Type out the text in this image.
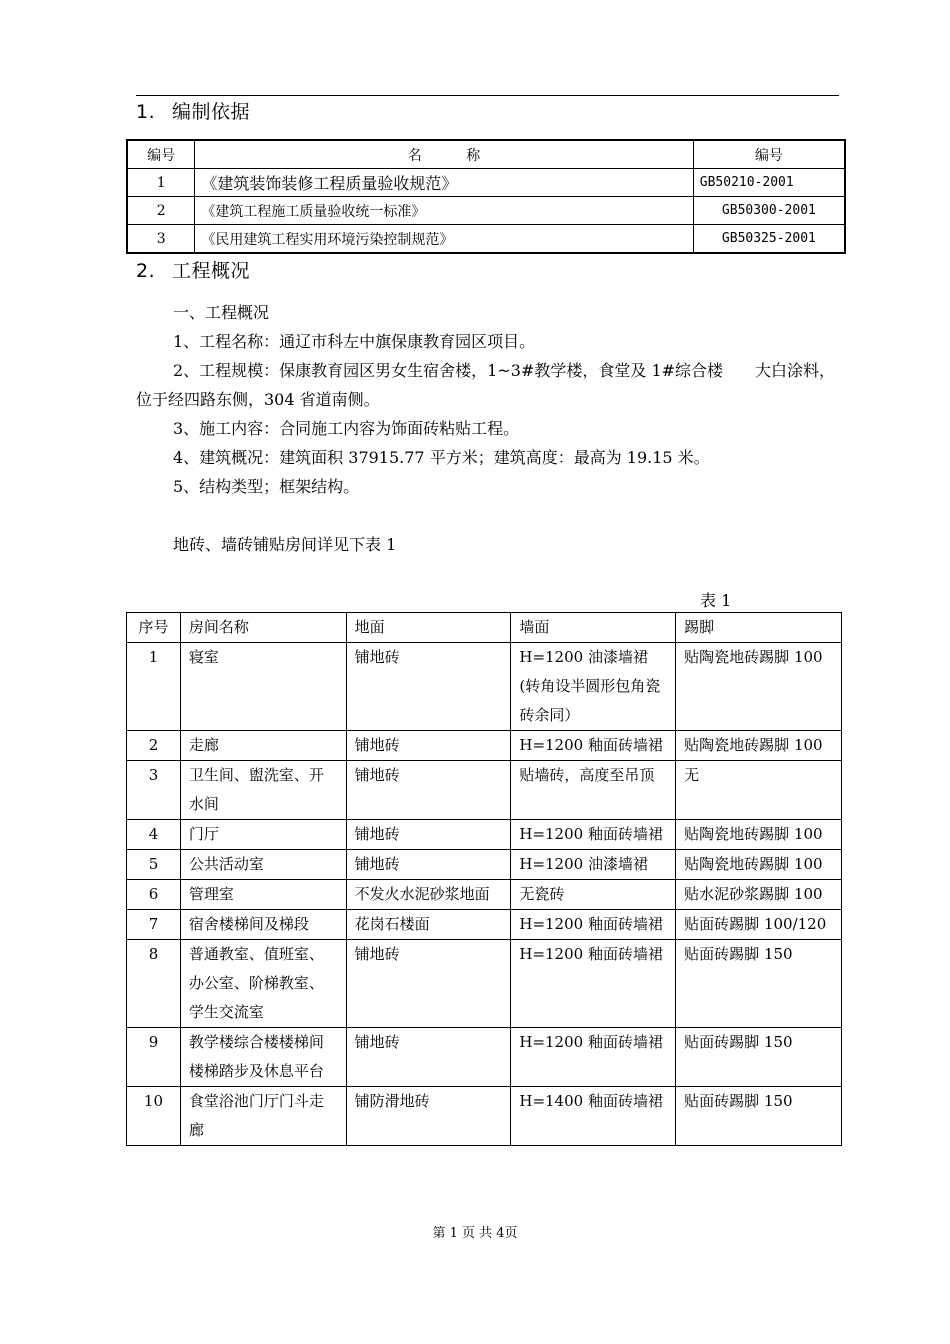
1. 编制依据
编号	名          称	编号
1	《建筑装饰装修工程质量验收规范》	GB50210-2001
2	《建筑工程施工质量验收统一标准》	GB50300-2001
3	《民用建筑工程实用环境污染控制规范》	GB50325-2001
2. 工程概况

一、工程概况

1、工程名称：通辽市科左中旗保康教育园区项目。

2、工程规模：保康教育园区男女生宿舍楼，1~3#教学楼，食堂及 1#综合楼　　大白涂料，位于经四路东侧，304 省道南侧。

3、施工内容：合同施工内容为饰面砖粘贴工程。

4、建筑概况：建筑面积 37915.77 平方米；建筑高度：最高为 19.15 米。

5、结构类型；框架结构。

地砖、墙砖铺贴房间详见下表 1

表 1
序号	房间名称	地面	墙面	踢脚
1	寝室	铺地砖	H=1200 油漆墙裙(转角设半圆形包角瓷砖余同）	贴陶瓷地砖踢脚 100
2	走廊	铺地砖	H=1200 釉面砖墙裙	贴陶瓷地砖踢脚 100
3	卫生间、盥洗室、开水间	铺地砖	贴墙砖，高度至吊顶	无
4	门厅	铺地砖	H=1200 釉面砖墙裙	贴陶瓷地砖踢脚 100
5	公共活动室	铺地砖	H=1200 油漆墙裙	贴陶瓷地砖踢脚 100
6	管理室	不发火水泥砂浆地面	无瓷砖	贴水泥砂浆踢脚 100
7	宿舍楼梯间及梯段	花岗石楼面	H=1200 釉面砖墙裙	贴面砖踢脚 100/120
8	普通教室、值班室、办公室、阶梯教室、学生交流室	铺地砖	H=1200 釉面砖墙裙	贴面砖踢脚 150
9	教学楼综合楼楼梯间楼梯踏步及休息平台	铺地砖	H=1200 釉面砖墙裙	贴面砖踢脚 150
10	食堂浴池门厅门斗走廊	铺防滑地砖	H=1400 釉面砖墙裙	贴面砖踢脚 150
第 1 页 共 4页
